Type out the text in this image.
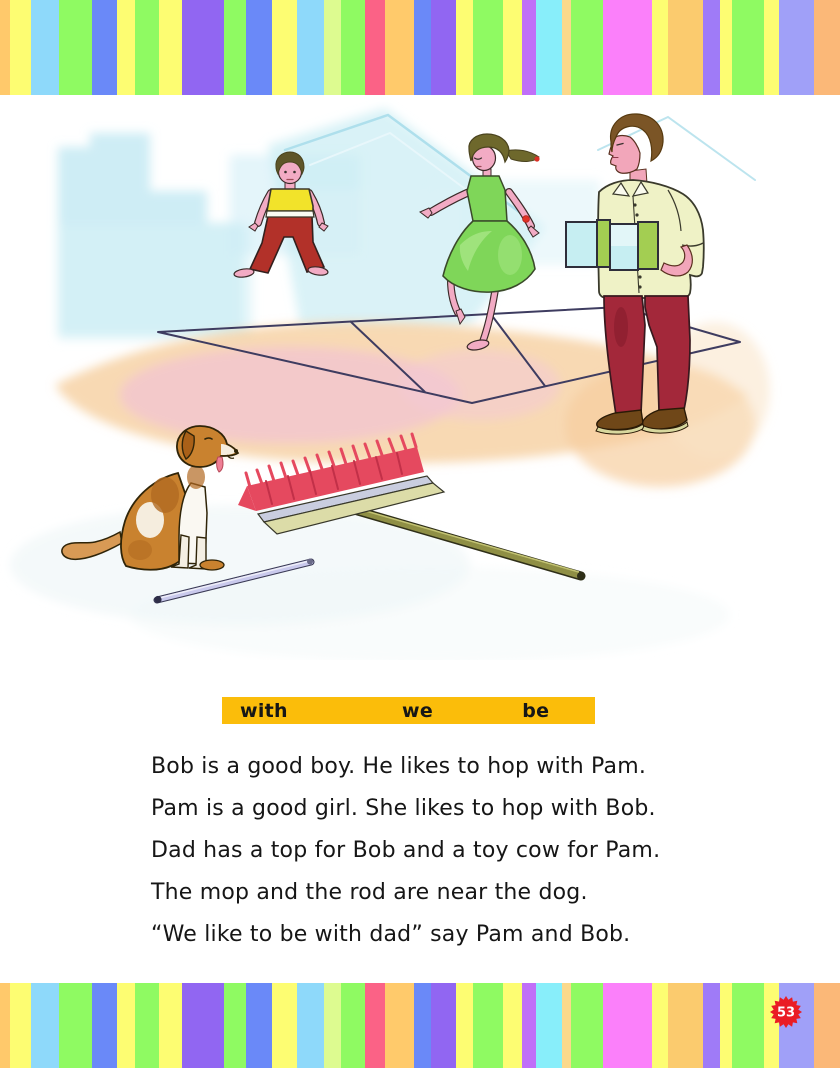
with	we	be
Bob is a good boy. He likes to hop with Pam.
Pam is a good girl. She likes to hop with Bob.
Dad has a top for Bob and a toy cow for Pam.
The mop and the rod are near the dog.
“We like to be with dad” say Pam and Bob.
53
